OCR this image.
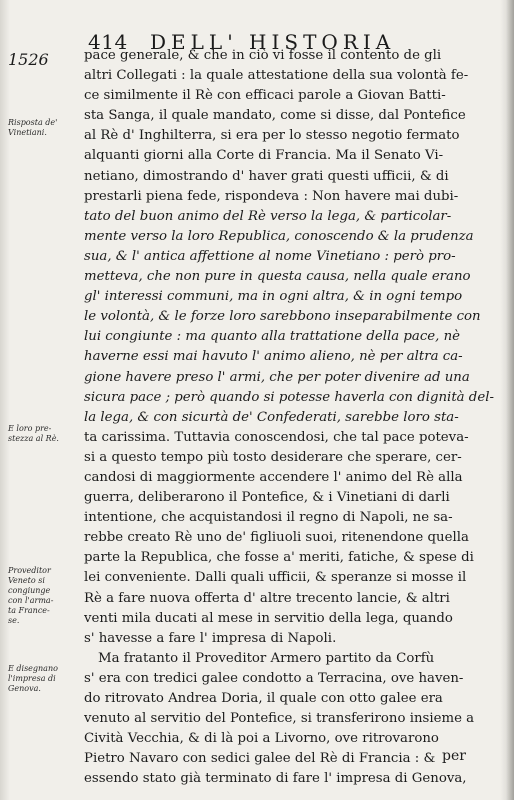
414 DELL' HISTORIA
1526
Risposta de'
Vinetiani.
E loro pre-
stezza al Rè.
Proveditor
Veneto si
congiunge
con l'arma-
ta France-
se.
E disegnano
l'impresa di
Genova.
pace generale, & che in ciò vi fosse il contento de gli
altri Collegati : la quale attestatione della sua volontà fe-
ce similmente il Rè con efficaci parole a Giovan Batti-
sta Sanga, il quale mandato, come si disse, dal Pontefice
al Rè d' Inghilterra, si era per lo stesso negotio fermato
alquanti giorni alla Corte di Francia. Ma il Senato Vi-
netiano, dimostrando d' haver grati questi ufficii, & di
prestarli piena fede, rispondeva : Non havere mai dubi-
tato del buon animo del Rè verso la lega, & particolar-
mente verso la loro Republica, conoscendo & la prudenza
sua, & l' antica affettione al nome Vinetiano : però pro-
metteva, che non pure in questa causa, nella quale erano
gl' interessi communi, ma in ogni altra, & in ogni tempo
le volontà, & le forze loro sarebbono inseparabilmente con
lui congiunte : ma quanto alla trattatione della pace, nè
haverne essi mai havuto l' animo alieno, nè per altra ca-
gione havere preso l' armi, che per poter divenire ad una
sicura pace ; però quando si potesse haverla con dignità del-
la lega, & con sicurtà de' Confederati, sarebbe loro sta-
ta carissima. Tuttavia conoscendosi, che tal pace poteva-
si a questo tempo più tosto desiderare che sperare, cer-
candosi di maggiormente accendere l' animo del Rè alla
guerra, deliberarono il Pontefice, & i Vinetiani di darli
intentione, che acquistandosi il regno di Napoli, ne sa-
rebbe creato Rè uno de' figliuoli suoi, ritenendone quella
parte la Republica, che fosse a' meriti, fatiche, & spese di
lei conveniente. Dalli quali ufficii, & speranze si mosse il
Rè a fare nuova offerta d' altre trecento lancie, & altri
venti mila ducati al mese in servitio della lega, quando
s' havesse a fare l' impresa di Napoli.
Ma fratanto il Proveditor Armero partito da Corfù
s' era con tredici galee condotto a Terracina, ove haven-
do ritrovato Andrea Doria, il quale con otto galee era
venuto al servitio del Pontefice, si transferirono insieme a
Cività Vecchia, & di là poi a Livorno, ove ritrovarono
Pietro Navaro con sedici galee del Rè di Francia : &
essendo stato già terminato di fare l' impresa di Genova,
per
